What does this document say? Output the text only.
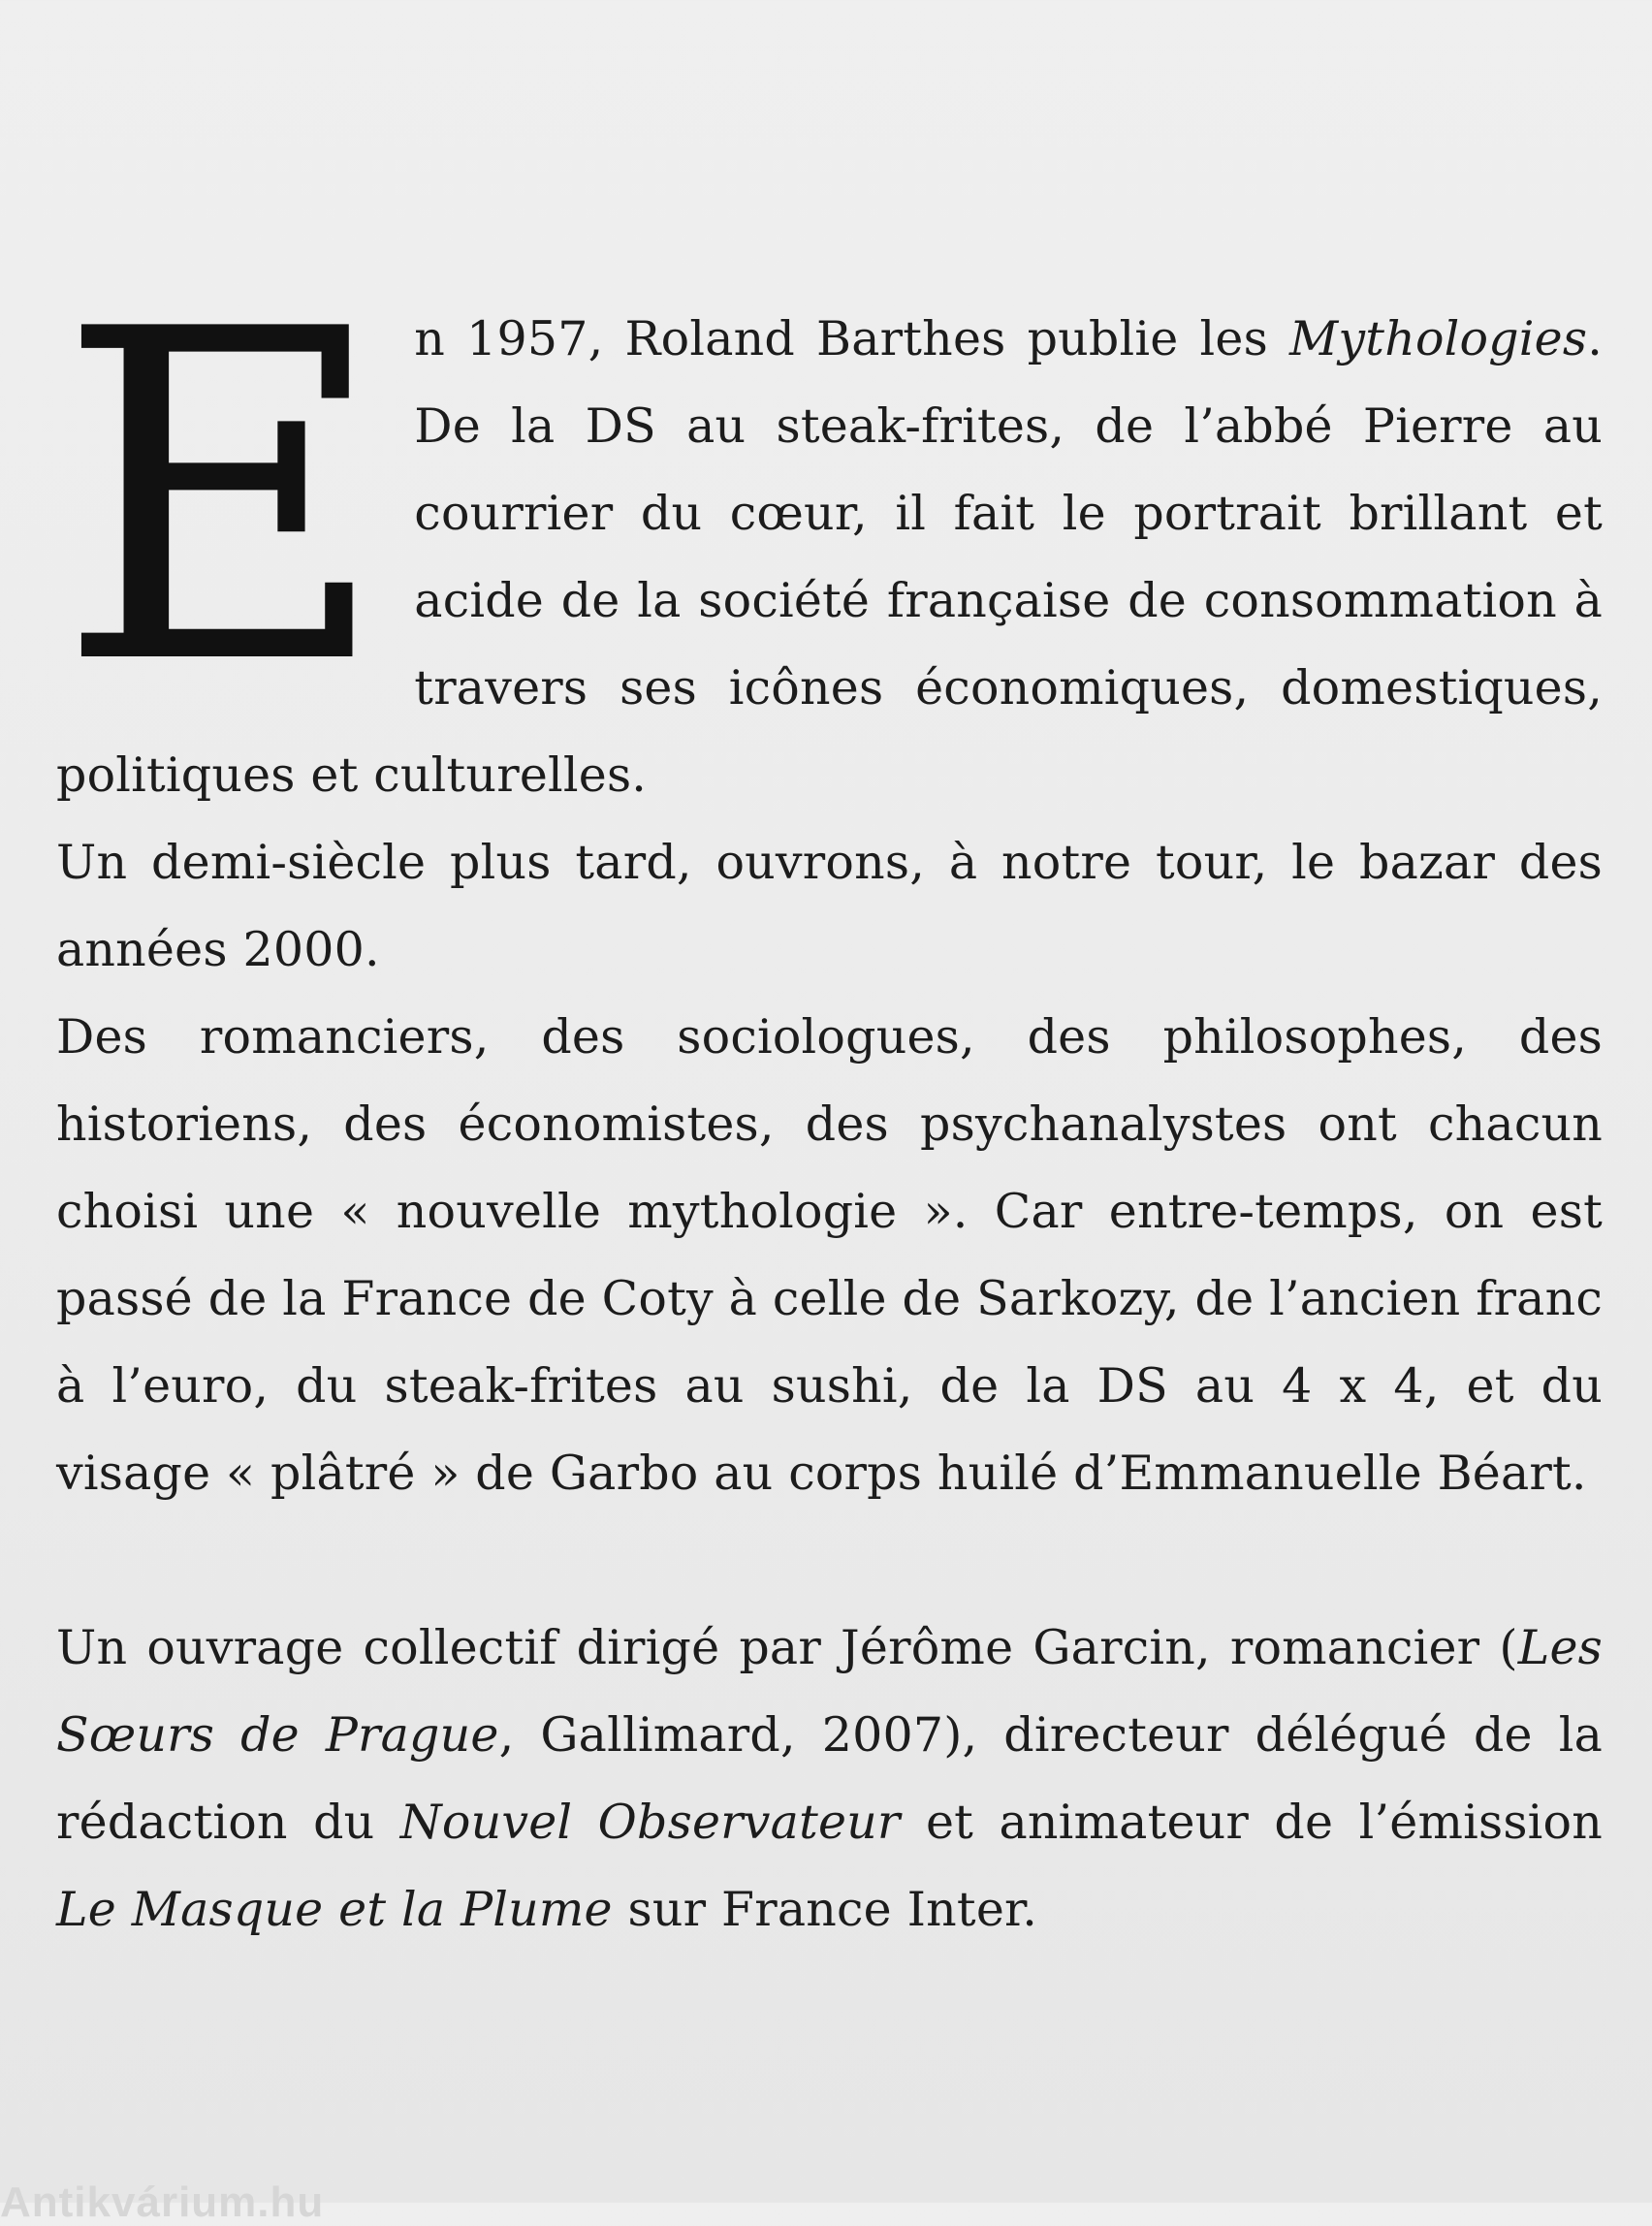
En 1957, Roland Barthes publie les Mythologies. De la DS au steak-frites, de l’abbé Pierre au courrier du cœur, il fait le portrait brillant et acide de la société française de consommation à travers ses icônes économiques, domestiques, politiques et culturelles.

Un demi-siècle plus tard, ouvrons, à notre tour, le bazar des années 2000.

Des romanciers, des sociologues, des philosophes, des historiens, des économistes, des psychanalystes ont chacun choisi une « nouvelle mythologie ». Car entre-temps, on est passé de la France de Coty à celle de Sarkozy, de l’ancien franc à l’euro, du steak-frites au sushi, de la DS au 4 x 4, et du visage « plâtré » de Garbo au corps huilé d’Emmanuelle Béart.

Un ouvrage collectif dirigé par Jérôme Garcin, romancier (Les Sœurs de Prague, Gallimard, 2007), directeur délégué de la rédaction du Nouvel Observateur et animateur de l’émission Le Masque et la Plume sur France Inter.

Antikvárium.hu
